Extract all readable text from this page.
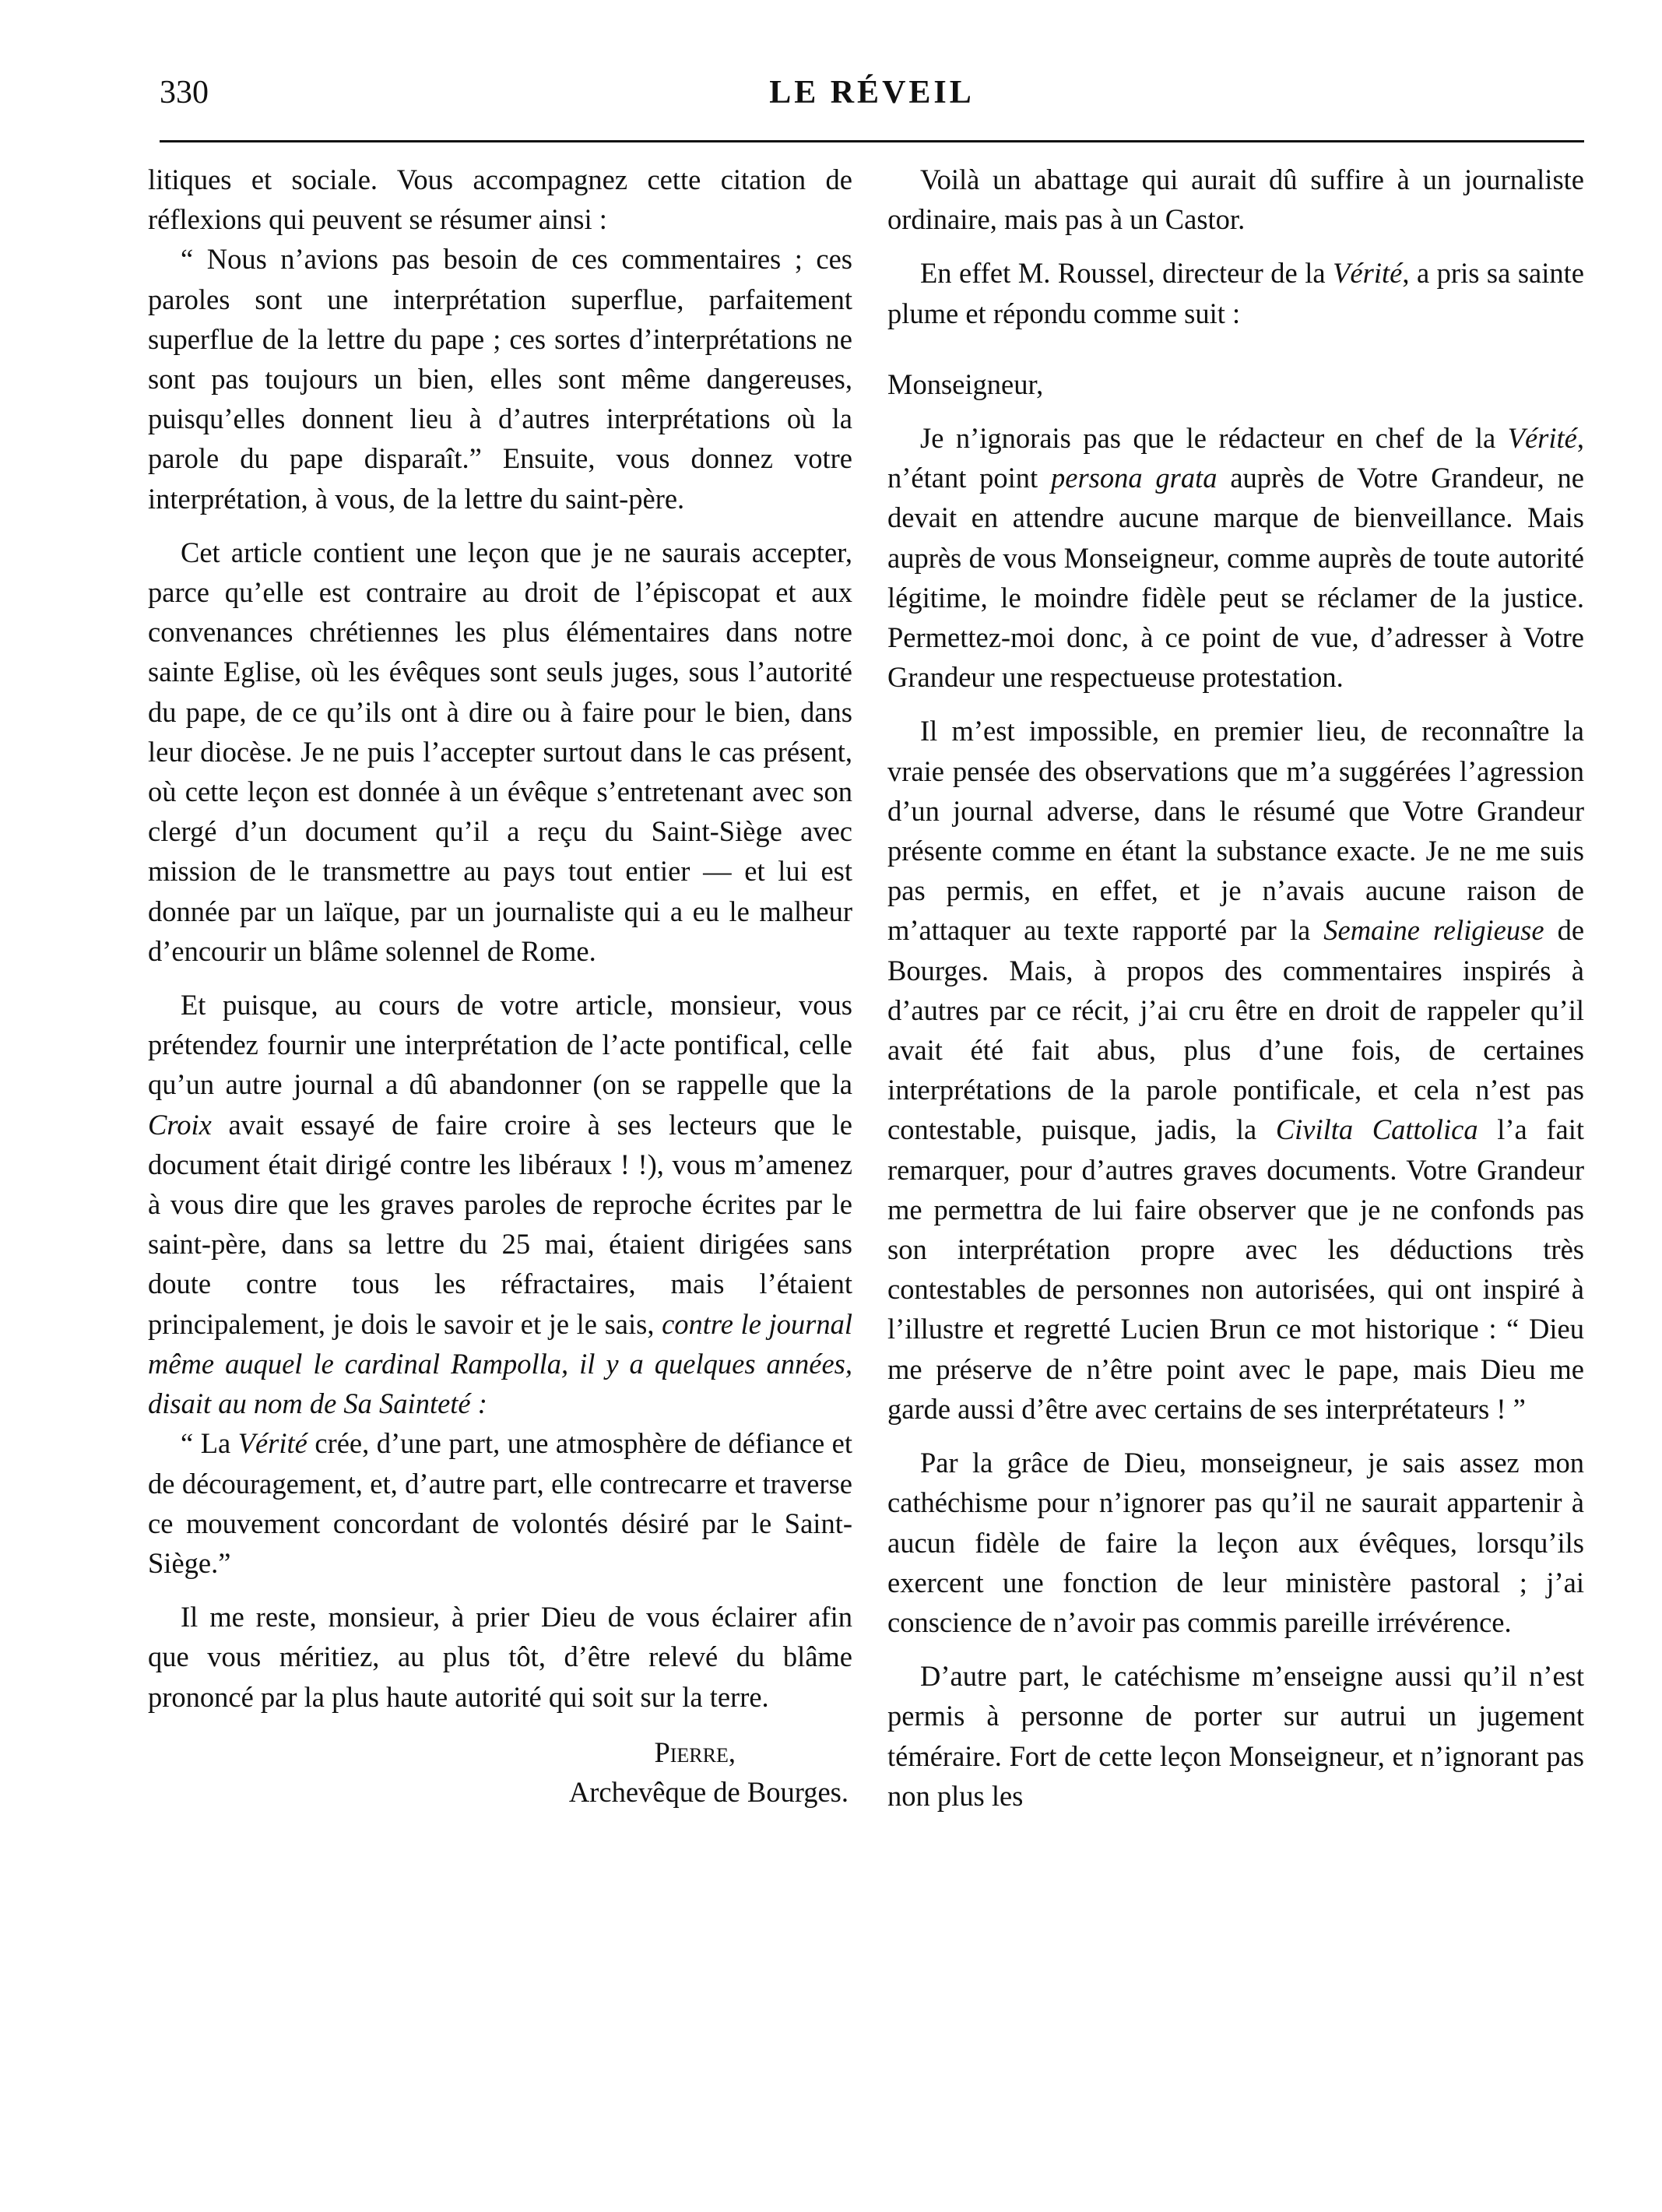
330	LE RÉVEIL

litiques et sociale. Vous accompagnez cette citation de réflexions qui peuvent se résumer ainsi :

“ Nous n’avions pas besoin de ces commentaires ; ces paroles sont une interprétation superflue, parfaitement superflue de la lettre du pape ; ces sortes d’interprétations ne sont pas toujours un bien, elles sont même dangereuses, puisqu’elles donnent lieu à d’autres interprétations où la parole du pape disparaît.” Ensuite, vous donnez votre interprétation, à vous, de la lettre du saint-père.

Cet article contient une leçon que je ne saurais accepter, parce qu’elle est contraire au droit de l’épiscopat et aux convenances chrétiennes les plus élémentaires dans notre sainte Eglise, où les évêques sont seuls juges, sous l’autorité du pape, de ce qu’ils ont à dire ou à faire pour le bien, dans leur diocèse. Je ne puis l’accepter surtout dans le cas présent, où cette leçon est donnée à un évêque s’entretenant avec son clergé d’un document qu’il a reçu du Saint-Siège avec mission de le transmettre au pays tout entier — et lui est donnée par un laïque, par un journaliste qui a eu le malheur d’encourir un blâme solennel de Rome.

Et puisque, au cours de votre article, monsieur, vous prétendez fournir une interprétation de l’acte pontifical, celle qu’un autre journal a dû abandonner (on se rappelle que la Croix avait essayé de faire croire à ses lecteurs que le document était dirigé contre les libéraux ! !), vous m’amenez à vous dire que les graves paroles de reproche écrites par le saint-père, dans sa lettre du 25 mai, étaient dirigées sans doute contre tous les réfractaires, mais l’étaient principalement, je dois le savoir et je le sais, contre le journal même auquel le cardinal Rampolla, il y a quelques années, disait au nom de Sa Sainteté :

“ La Vérité crée, d’une part, une atmosphère de défiance et de découragement, et, d’autre part, elle contrecarre et traverse ce mouvement concordant de volontés désiré par le Saint-Siège.”

Il me reste, monsieur, à prier Dieu de vous éclairer afin que vous méritiez, au plus tôt, d’être relevé du blâme prononcé par la plus haute autorité qui soit sur la terre.

Pierre,
Archevêque de Bourges.

Voilà un abattage qui aurait dû suffire à un journaliste ordinaire, mais pas à un Castor.

En effet M. Roussel, directeur de la Vérité, a pris sa sainte plume et répondu comme suit :

Monseigneur,

Je n’ignorais pas que le rédacteur en chef de la Vérité, n’étant point persona grata auprès de Votre Grandeur, ne devait en attendre aucune marque de bienveillance. Mais auprès de vous Monseigneur, comme auprès de toute autorité légitime, le moindre fidèle peut se réclamer de la justice. Permettez-moi donc, à ce point de vue, d’adresser à Votre Grandeur une respectueuse protestation.

Il m’est impossible, en premier lieu, de reconnaître la vraie pensée des observations que m’a suggérées l’agression d’un journal adverse, dans le résumé que Votre Grandeur présente comme en étant la substance exacte. Je ne me suis pas permis, en effet, et je n’avais aucune raison de m’attaquer au texte rapporté par la Semaine religieuse de Bourges. Mais, à propos des commentaires inspirés à d’autres par ce récit, j’ai cru être en droit de rappeler qu’il avait été fait abus, plus d’une fois, de certaines interprétations de la parole pontificale, et cela n’est pas contestable, puisque, jadis, la Civilta Cattolica l’a fait remarquer, pour d’autres graves documents. Votre Grandeur me permettra de lui faire observer que je ne confonds pas son interprétation propre avec les déductions très contestables de personnes non autorisées, qui ont inspiré à l’illustre et regretté Lucien Brun ce mot historique : “ Dieu me préserve de n’être point avec le pape, mais Dieu me garde aussi d’être avec certains de ses interprétateurs ! ”

Par la grâce de Dieu, monseigneur, je sais assez mon cathéchisme pour n’ignorer pas qu’il ne saurait appartenir à aucun fidèle de faire la leçon aux évêques, lorsqu’ils exercent une fonction de leur ministère pastoral ; j’ai conscience de n’avoir pas commis pareille irrévérence.

D’autre part, le catéchisme m’enseigne aussi qu’il n’est permis à personne de porter sur autrui un jugement téméraire. Fort de cette leçon Monseigneur, et n’ignorant pas non plus les
